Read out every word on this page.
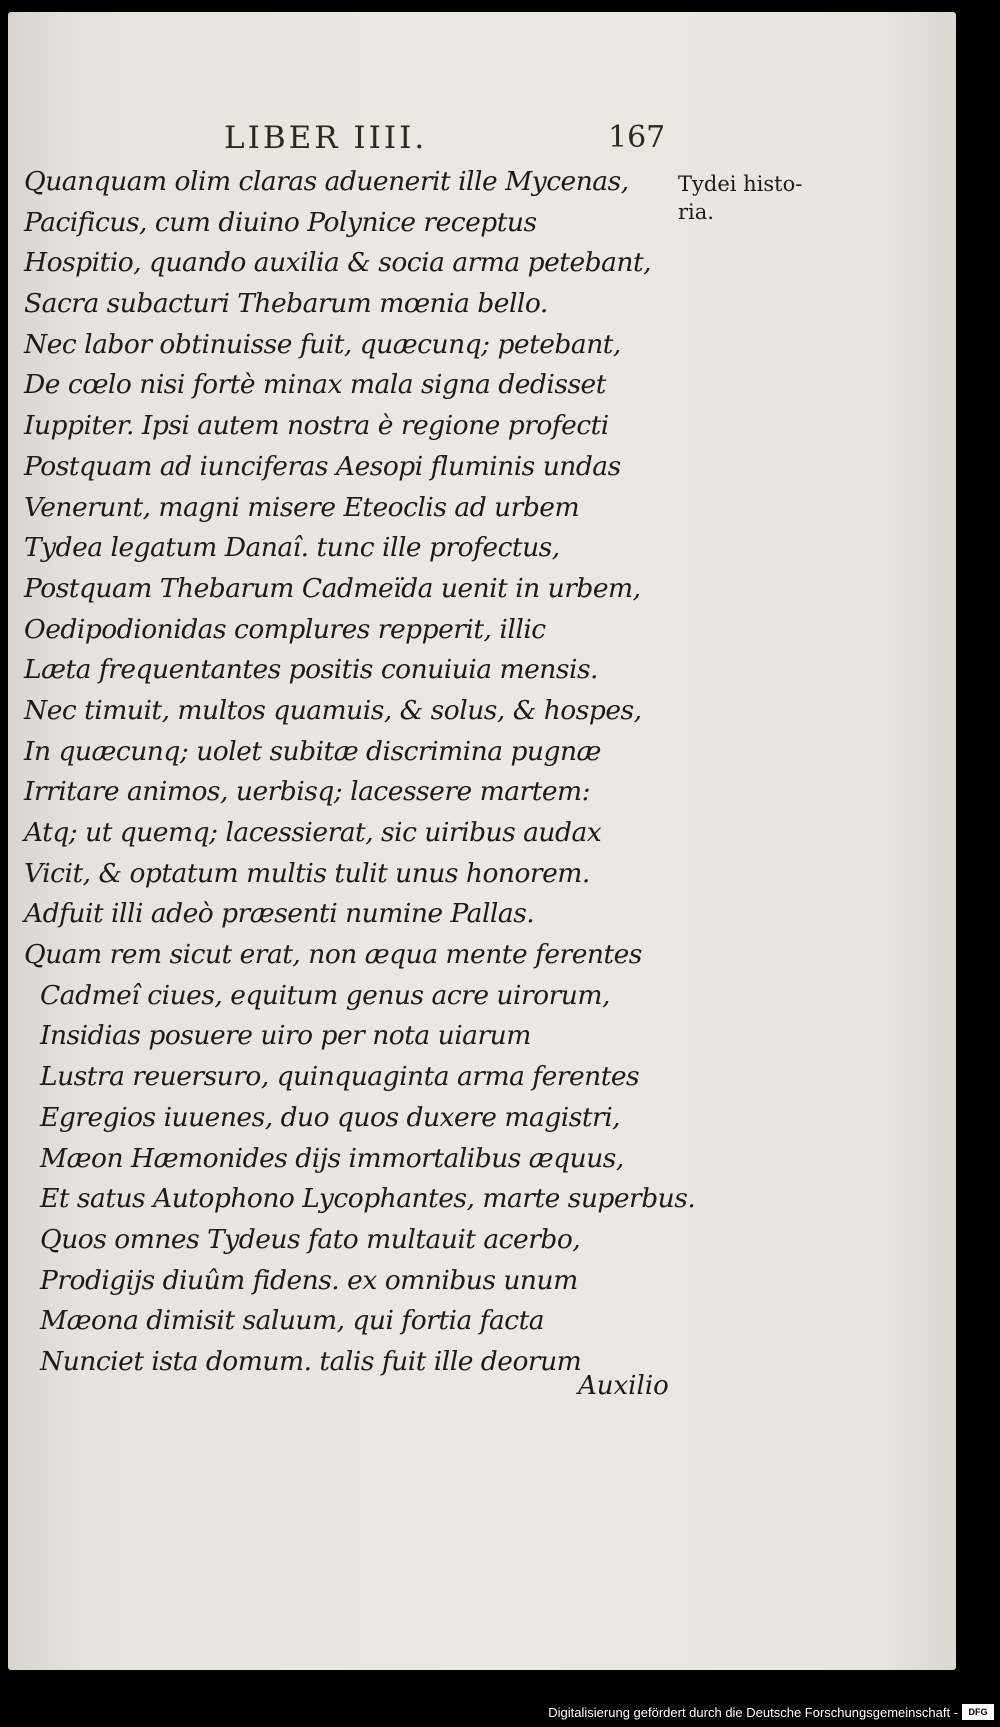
LIBER IIII.	167
Tydei histo-ria.
Quanquam olim claras aduenerit ille Mycenas,
Pacificus, cum diuino Polynice receptus
Hospitio, quando auxilia & socia arma petebant,
Sacra subacturi Thebarum mœnia bello.
Nec labor obtinuisse fuit, quæcunq; petebant,
De cœlo nisi fortè minax mala signa dedisset
Iuppiter. Ipsi autem nostra è regione profecti
Postquam ad iunciferas Aesopi fluminis undas
Venerunt, magni misere Eteoclis ad urbem
Tydea legatum Danaî. tunc ille profectus,
Postquam Thebarum Cadmeïda uenit in urbem,
Oedipodionidas complures repperit, illic
Læta frequentantes positis conuiuia mensis.
Nec timuit, multos quamuis, & solus, & hospes,
In quæcunq; uolet subitæ discrimina pugnæ
Irritare animos, uerbisq; lacessere martem:
Atq; ut quemq; lacessierat, sic uiribus audax
Vicit, & optatum multis tulit unus honorem.
Adfuit illi adeò præsenti numine Pallas.
Quam rem sicut erat, non æqua mente ferentes
Cadmeî ciues, equitum genus acre uirorum,
Insidias posuere uiro per nota uiarum
Lustra reuersuro, quinquaginta arma ferentes
Egregios iuuenes, duo quos duxere magistri,
Mæon Hæmonides dijs immortalibus æquus,
Et satus Autophono Lycophantes, marte superbus.
Quos omnes Tydeus fato multauit acerbo,
Prodigijs diuûm fidens. ex omnibus unum
Mæona dimisit saluum, qui fortia facta
Nunciet ista domum. talis fuit ille deorum
Auxilio
Digitalisierung gefördert durch die Deutsche Forschungsgemeinschaft -	DFG
